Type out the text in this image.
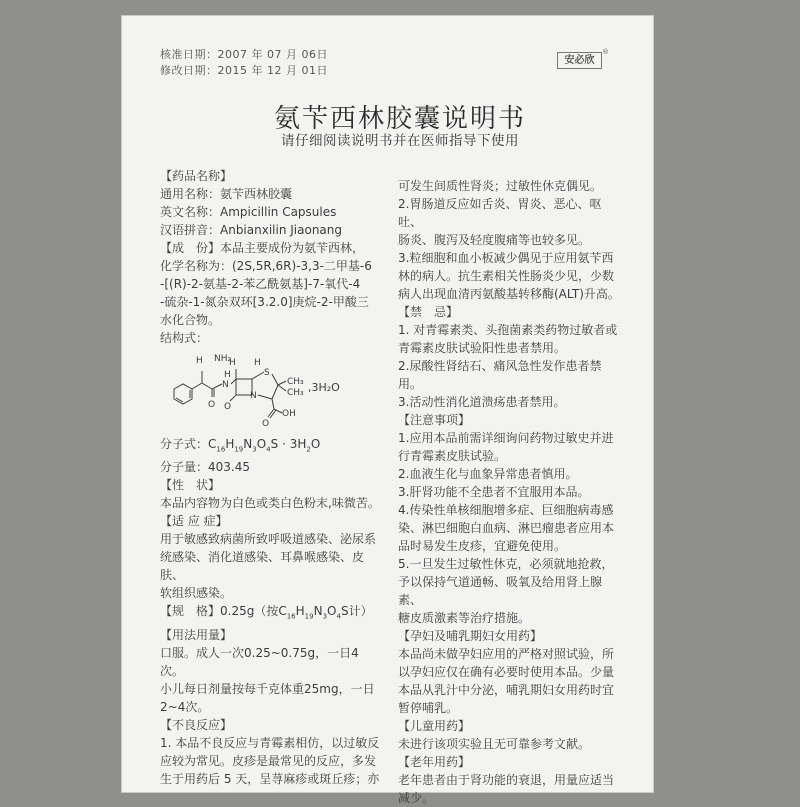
核准日期：2007 年 07 月 06日
修改日期：2015 年 12 月 01日
安必欣
®
氨苄西林胶囊说明书
请仔细阅读说明书并在医师指导下使用

【药品名称】

通用名称：氨苄西林胶囊

英文名称：Ampicillin Capsules

汉语拼音：Anbianxilin Jiaonang

【成　份】本品主要成份为氨苄西林，

化学名称为：(2S,5R,6R)-3,3-二甲基-6

-[(R)-2-氨基-2-苯乙酰氨基]-7-氧代-4

-硫杂-1-氮杂双环[3.2.0]庚烷-2-甲酸三

水化合物。

结构式：

H NH₂
H H
N
H	S
CH₃
CH₃
N
O O
O
OH
,3H₂O

分子式：$C_{16}H_{19}N_3O_4S \cdot 3H_2O$

分子量：403.45

【性　状】

本品内容物为白色或类白色粉末,味微苦。

【适 应 症】

用于敏感致病菌所致呼吸道感染、泌尿系

统感染、消化道感染、耳鼻喉感染、皮肤、

软组织感染。

【规　格】0.25g（按$C_{16}H_{19}N_3O_4S$计）

【用法用量】

口服。成人一次0.25~0.75g，一日4次。

小儿每日剂量按每千克体重25mg，一日

2~4次。

【不良反应】

1. 本品不良反应与青霉素相仿，以过敏反

应较为常见。皮疹是最常见的反应，多发

生于用药后 5 天，呈荨麻疹或斑丘疹；亦

可发生间质性肾炎；过敏性休克偶见。

2.胃肠道反应如舌炎、胃炎、恶心、呕吐、

肠炎、腹泻及轻度腹痛等也较多见。

3.粒细胞和血小板减少偶见于应用氨苄西

林的病人。抗生素相关性肠炎少见，少数

病人出现血清丙氨酸基转移酶(ALT)升高。

【禁　忌】

1. 对青霉素类、头孢菌素类药物过敏者或

青霉素皮肤试验阳性患者禁用。

2.尿酸性肾结石、痛风急性发作患者禁用。

3.活动性消化道溃疡患者禁用。

【注意事项】

1.应用本品前需详细询问药物过敏史并进

行青霉素皮肤试验。

2.血液生化与血象异常患者慎用。

3.肝肾功能不全患者不宜服用本品。

4.传染性单核细胞增多症、巨细胞病毒感

染、淋巴细胞白血病、淋巴瘤患者应用本

品时易发生皮疹，宜避免使用。

5.一旦发生过敏性休克，必须就地抢救，

予以保持气道通畅、吸氧及给用肾上腺素、

糖皮质激素等治疗措施。

【孕妇及哺乳期妇女用药】

本品尚未做孕妇应用的严格对照试验，所

以孕妇应仅在确有必要时使用本品。少量

本品从乳汁中分泌，哺乳期妇女用药时宜

暂停哺乳。

【儿童用药】

未进行该项实验且无可靠参考文献。

【老年用药】

老年患者由于肾功能的衰退，用量应适当

减少。
